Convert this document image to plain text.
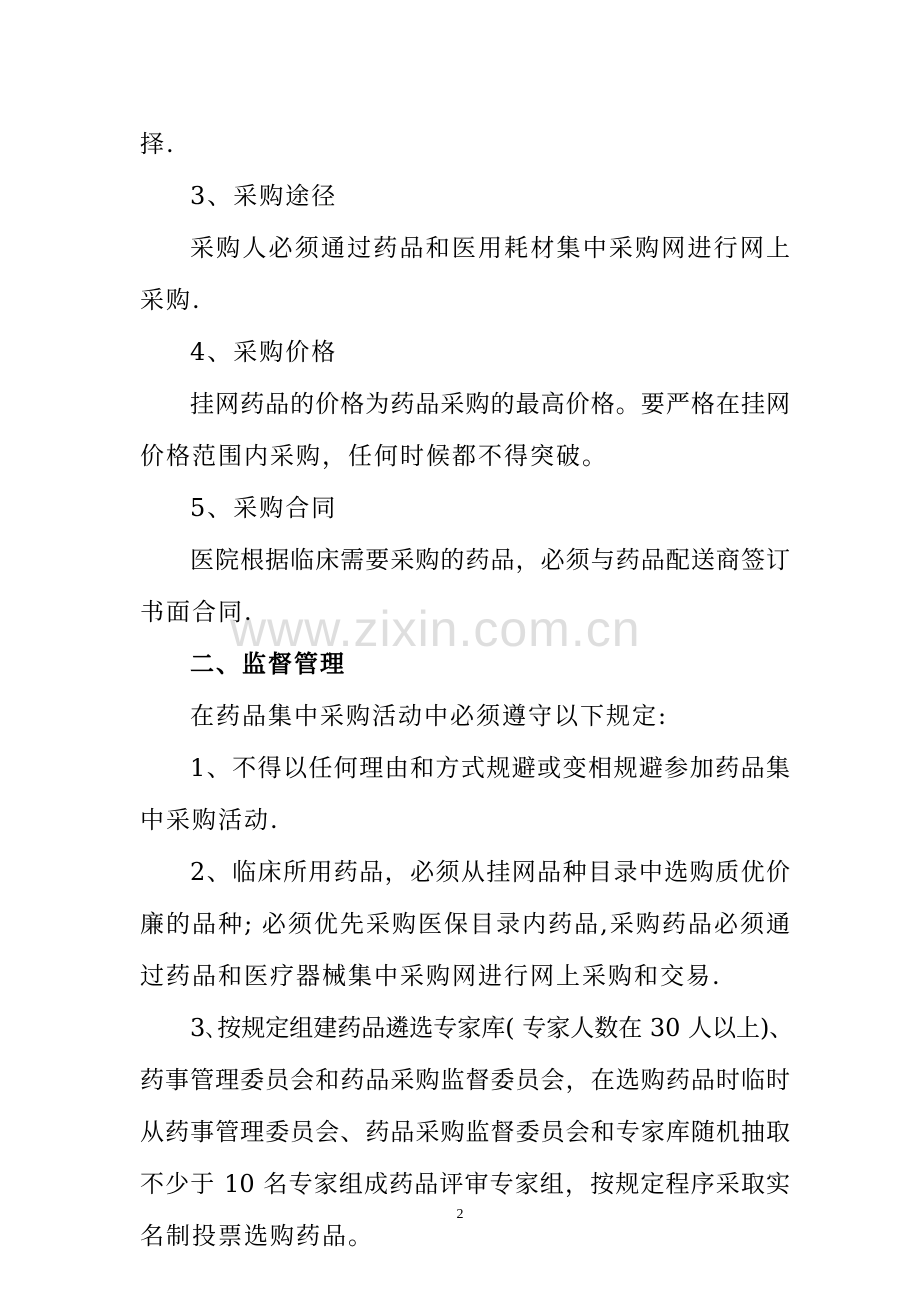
择.
3、采购途径
采购人必须通过药品和医用耗材集中采购网进行网上
采购.
4、采购价格
挂网药品的价格为药品采购的最高价格。要严格在挂网
价格范围内采购，任何时候都不得突破。
5、采购合同
医院根据临床需要采购的药品，必须与药品配送商签订
书面合同.
二、监督管理
在药品集中采购活动中必须遵守以下规定:
1、不得以任何理由和方式规避或变相规避参加药品集
中采购活动.
2、临床所用药品，必须从挂网品种目录中选购质优价
廉的品种; 必须优先采购医保目录内药品,采购药品必须通
过药品和医疗器械集中采购网进行网上采购和交易.
3､按规定组建药品遴选专家库( 专家人数在 30 人以上)、
药事管理委员会和药品采购监督委员会，在选购药品时临时
从药事管理委员会、药品采购监督委员会和专家库随机抽取
不少于 10 名专家组成药品评审专家组，按规定程序采取实
名制投票选购药品。
www.zixin.com.cn
2
